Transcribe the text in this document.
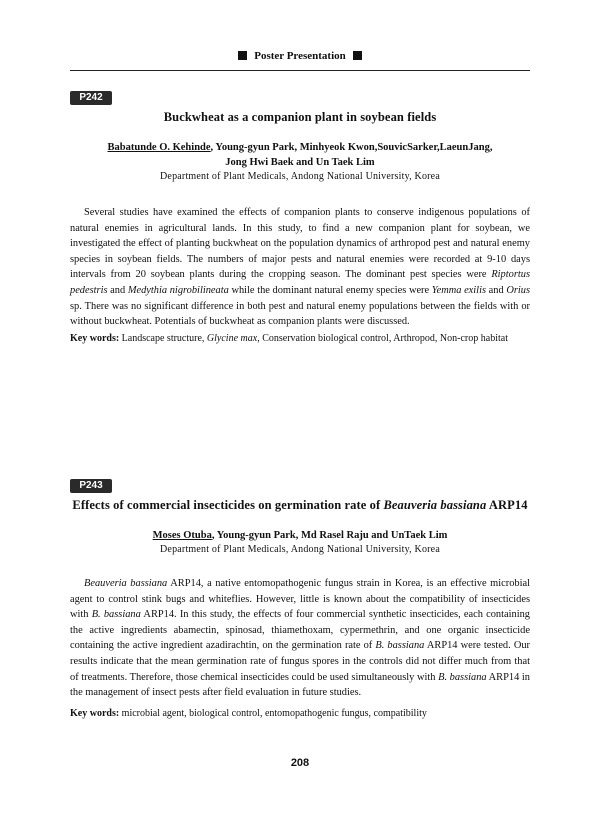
Poster Presentation
P242
Buckwheat as a companion plant in soybean fields
Babatunde O. Kehinde, Young-gyun Park, Minhyeok Kwon,SouvicSarker,LaeunJang,
Jong Hwi Baek and Un Taek Lim
Department of Plant Medicals, Andong National University, Korea

Several studies have examined the effects of companion plants to conserve indigenous populations of natural enemies in agricultural lands. In this study, to find a new companion plant for soybean, we investigated the effect of planting buckwheat on the population dynamics of arthropod pest and natural enemy species in soybean fields. The numbers of major pests and natural enemies were recorded at 9-10 days intervals from 20 soybean plants during the cropping season. The dominant pest species were Riptortus pedestris and Medythia nigrobilineata while the dominant natural enemy species were Yemma exilis and Orius sp. There was no significant difference in both pest and natural enemy populations between the fields with or without buckwheat. Potentials of buckwheat as companion plants were discussed.

Key words: Landscape structure, Glycine max, Conservation biological control, Arthropod, Non-crop habitat
P243
Effects of commercial insecticides on germination rate of Beauveria bassiana ARP14
Moses Otuba, Young-gyun Park, Md Rasel Raju and UnTaek Lim
Department of Plant Medicals, Andong National University, Korea

Beauveria bassiana ARP14, a native entomopathogenic fungus strain in Korea, is an effective microbial agent to control stink bugs and whiteflies. However, little is known about the compatibility of insecticides with B. bassiana ARP14. In this study, the effects of four commercial synthetic insecticides, each containing the active ingredients abamectin, spinosad, thiamethoxam, cypermethrin, and one organic insecticide containing the active ingredient azadirachtin, on the germination rate of B. bassiana ARP14 were tested. Our results indicate that the mean germination rate of fungus spores in the controls did not differ much from that of treatments. Therefore, those chemical insecticides could be used simultaneously with B. bassiana ARP14 in the management of insect pests after field evaluation in future studies.

Key words: microbial agent, biological control, entomopathogenic fungus, compatibility
208
